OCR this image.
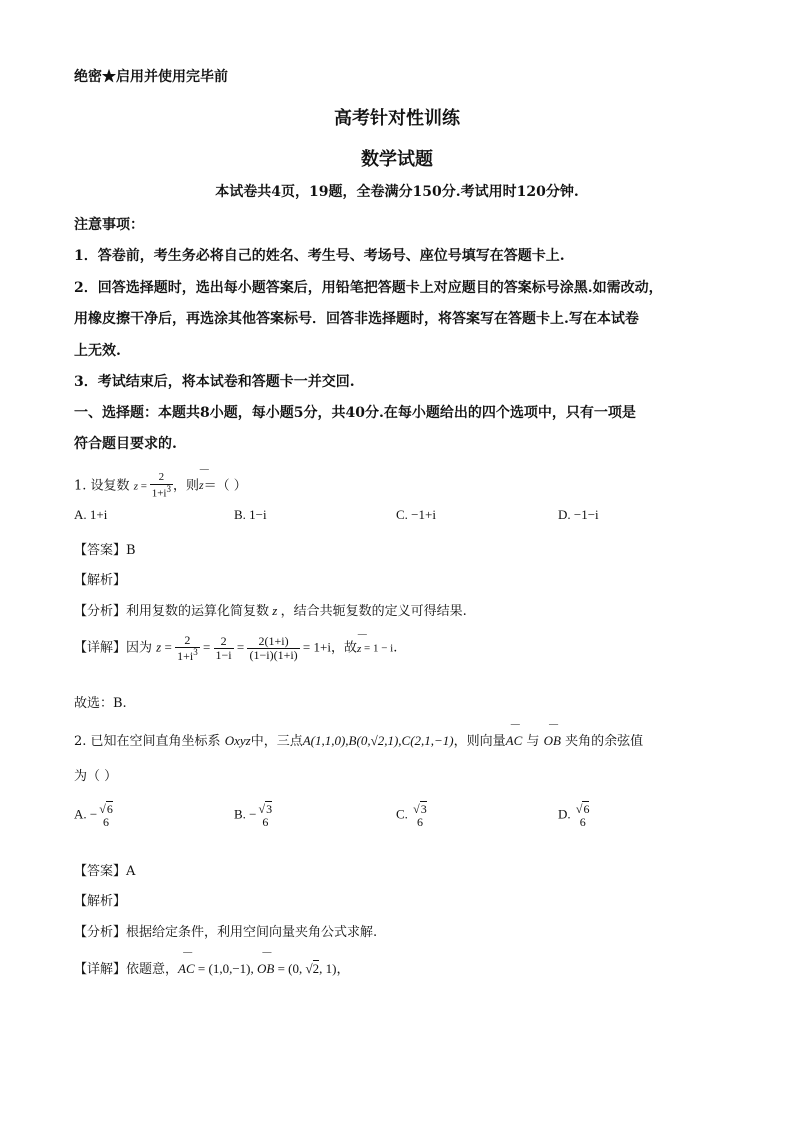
绝密★启用并使用完毕前
高考针对性训练
数学试题
本试卷共4页，19题，全卷满分150分.考试用时120分钟.
注意事项：
1．答卷前，考生务必将自己的姓名、考生号、考场号、座位号填写在答题卡上.
2．回答选择题时，选出每小题答案后，用铅笔把答题卡上对应题目的答案标号涂黑.如需改动，
用橡皮擦干净后，再选涂其他答案标号．回答非选择题时，将答案写在答题卡上.写在本试卷
上无效.
3．考试结束后，将本试卷和答题卡一并交回.
一、选择题：本题共8小题，每小题5分，共40分.在每小题给出的四个选项中，只有一项是
符合题目要求的.
1. 设复数 $z = \frac{2}{1+i^3}$ ，则¯¯ z＝（ ）
A. 1+i	B. 1−i	C. −1+i	D. −1−i
【答案】B
【解析】
【分析】利用复数的运算化简复数 z ，结合共轭复数的定义可得结果.
【详解】因为 $z = \frac{2}{1+i^3} = \frac{2}{1-i} = \frac{2(1+i)}{(1-i)(1+i)} = 1+i$，故¯¯ z = 1 − i.
故选：B.
2. 已知在空间直角坐标系 Oxyz中，三点A(1,1,0),B(0,√2,1),C(2,1,−1)，则向量¯¯ AC 与 ¯¯ OB 夹角的余弦值
为（ ）
A. − √6
6
B. − √3
6
C. √3
6
D. √6
6
【答案】A
【解析】
【分析】根据给定条件，利用空间向量夹角公式求解.
【详解】依题意，¯¯ AC = (1,0,−1), ¯¯ OB = (0, √2, 1)，
